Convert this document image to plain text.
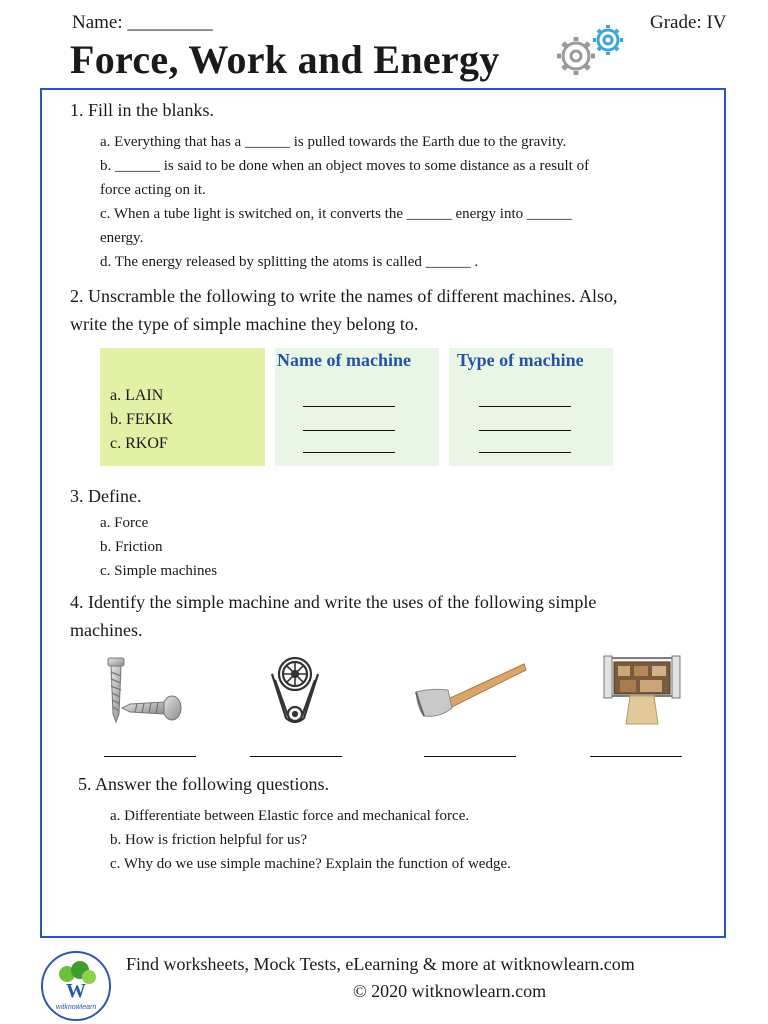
Name: _________	Grade: IV
Force, Work and Energy
1. Fill in the blanks.
a. Everything that has a ______ is pulled towards the Earth due to the gravity.
b. ______ is said to be done when an object moves to some distance as a result of
force acting on it.
c. When a tube light is switched on, it converts the ______ energy into ______
energy.
d. The energy released by splitting the atoms is called ______ .
2. Unscramble the following to write the names of different machines. Also,
write the type of simple machine they belong to.
a. LAIN
b. FEKIK
c. RKOF
Name of machine	Type of machine
3. Define.
a. Force
b. Friction
c. Simple machines
4. Identify the simple machine and write the uses of the following simple
machines.
5. Answer the following questions.
a. Differentiate between Elastic force and mechanical force.
b. How is friction helpful for us?
c. Why do we use simple machine? Explain the function of wedge.
W
witknowlearn
Find worksheets, Mock Tests, eLearning & more at witknowlearn.com
© 2020 witknowlearn.com
